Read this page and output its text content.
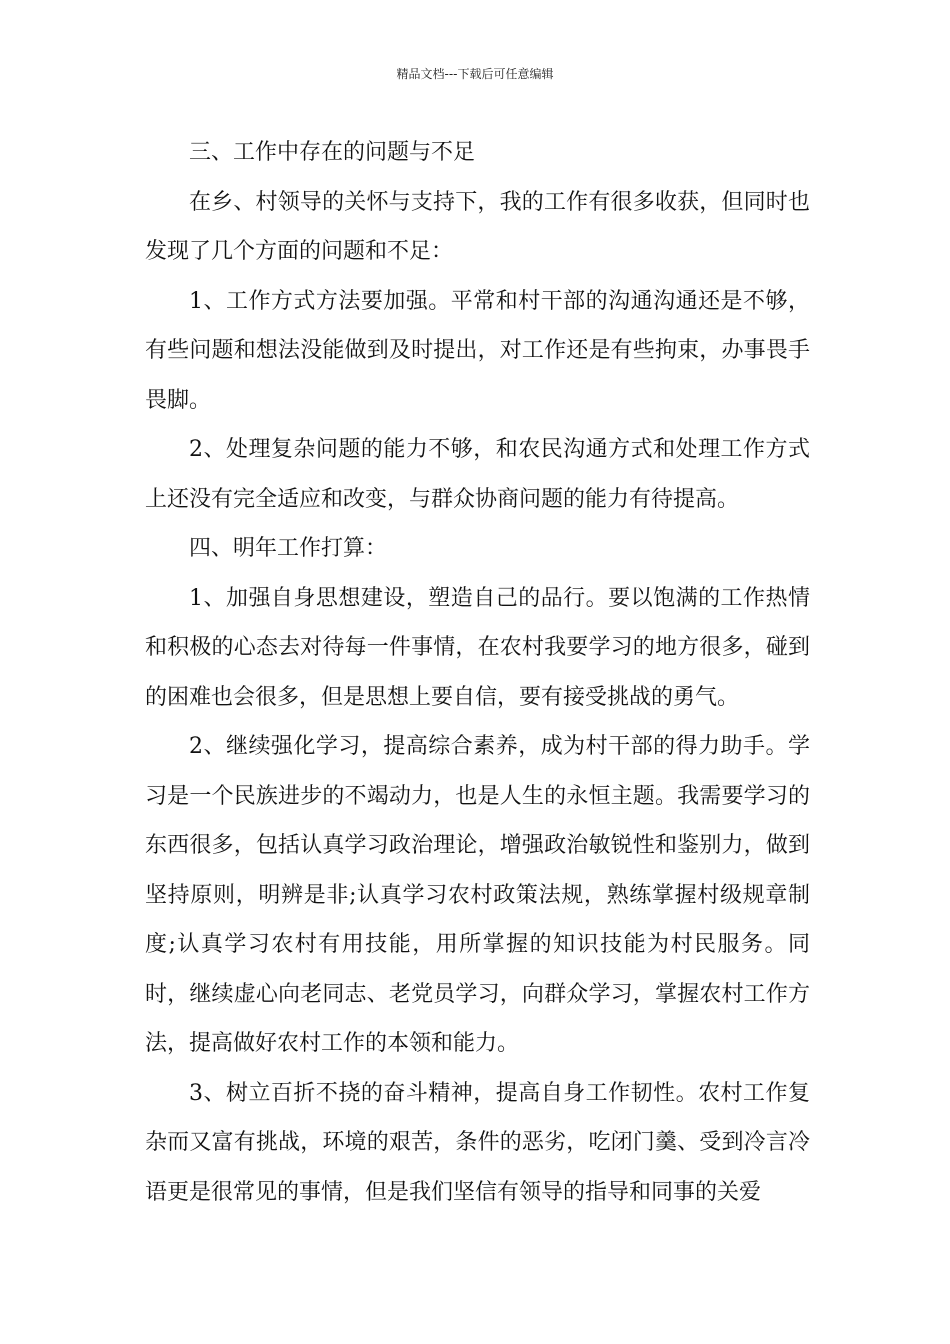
精品文档---下载后可任意编辑

三、工作中存在的问题与不足

在乡、村领导的关怀与支持下，我的工作有很多收获，但同时也发现了几个方面的问题和不足：

1、工作方式方法要加强。平常和村干部的沟通沟通还是不够，有些问题和想法没能做到及时提出，对工作还是有些拘束，办事畏手畏脚。

2、处理复杂问题的能力不够，和农民沟通方式和处理工作方式上还没有完全适应和改变，与群众协商问题的能力有待提高。

四、明年工作打算：

1、加强自身思想建设，塑造自己的品行。要以饱满的工作热情和积极的心态去对待每一件事情，在农村我要学习的地方很多，碰到的困难也会很多，但是思想上要自信，要有接受挑战的勇气。

2、继续强化学习，提高综合素养，成为村干部的得力助手。学习是一个民族进步的不竭动力，也是人生的永恒主题。我需要学习的东西很多，包括认真学习政治理论，增强政治敏锐性和鉴别力，做到坚持原则，明辨是非;认真学习农村政策法规，熟练掌握村级规章制度;认真学习农村有用技能，用所掌握的知识技能为村民服务。同时，继续虚心向老同志、老党员学习，向群众学习，掌握农村工作方法，提高做好农村工作的本领和能力。

3、树立百折不挠的奋斗精神，提高自身工作韧性。农村工作复杂而又富有挑战，环境的艰苦，条件的恶劣，吃闭门羹、受到冷言冷语更是很常见的事情，但是我们坚信有领导的指导和同事的关爱
